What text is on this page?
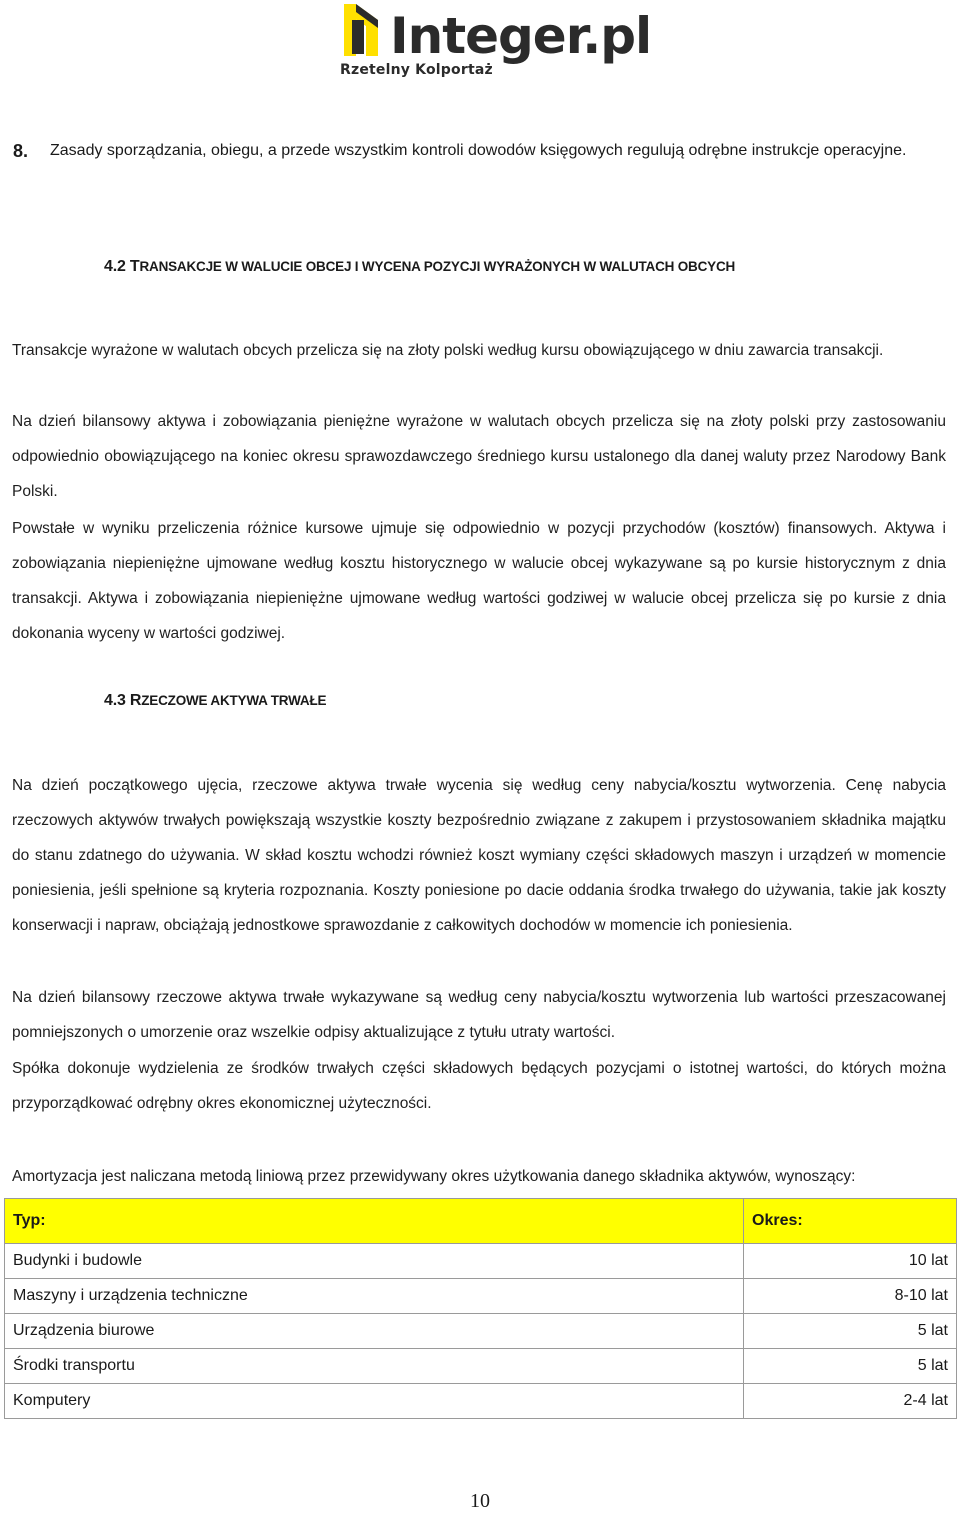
Integer.pl
Rzetelny Kolportaż
8. Zasady sporządzania, obiegu, a przede wszystkim kontroli dowodów księgowych regulują odrębne instrukcje operacyjne.
4.2 TRANSAKCJE W WALUCIE OBCEJ I WYCENA POZYCJI WYRAŻONYCH W WALUTACH OBCYCH
Transakcje wyrażone w walutach obcych przelicza się na złoty polski według kursu obowiązującego w dniu zawarcia transakcji.
Na dzień bilansowy aktywa i zobowiązania pieniężne wyrażone w walutach obcych przelicza się na złoty polski przy zastosowaniu odpowiednio obowiązującego na koniec okresu sprawozdawczego średniego kursu ustalonego dla danej waluty przez Narodowy Bank Polski.
Powstałe w wyniku przeliczenia różnice kursowe ujmuje się odpowiednio w pozycji przychodów (kosztów) finansowych. Aktywa i zobowiązania niepieniężne ujmowane według kosztu historycznego w walucie obcej wykazywane są po kursie historycznym z dnia transakcji. Aktywa i zobowiązania niepieniężne ujmowane według wartości godziwej w walucie obcej przelicza się po kursie z dnia dokonania wyceny w wartości godziwej.
4.3 RZECZOWE AKTYWA TRWAŁE
Na dzień początkowego ujęcia, rzeczowe aktywa trwałe wycenia się według ceny nabycia/kosztu wytworzenia. Cenę nabycia rzeczowych aktywów trwałych powiększają wszystkie koszty bezpośrednio związane z zakupem i przystosowaniem składnika majątku do stanu zdatnego do używania. W skład kosztu wchodzi również koszt wymiany części składowych maszyn i urządzeń w momencie poniesienia, jeśli spełnione są kryteria rozpoznania. Koszty poniesione po dacie oddania środka trwałego do używania, takie jak koszty konserwacji i napraw, obciążają jednostkowe sprawozdanie z całkowitych dochodów w momencie ich poniesienia.
Na dzień bilansowy rzeczowe aktywa trwałe wykazywane są według ceny nabycia/kosztu wytworzenia lub wartości przeszacowanej pomniejszonych o umorzenie oraz wszelkie odpisy aktualizujące z tytułu utraty wartości.
Spółka dokonuje wydzielenia ze środków trwałych części składowych będących pozycjami o istotnej wartości, do których można przyporządkować odrębny okres ekonomicznej użyteczności.
Amortyzacja jest naliczana metodą liniową przez przewidywany okres użytkowania danego składnika aktywów, wynoszący:
Typ:	Okres:
Budynki i budowle	10 lat
Maszyny i urządzenia techniczne	8-10 lat
Urządzenia biurowe	5 lat
Środki transportu	5 lat
Komputery	2-4 lat
10
